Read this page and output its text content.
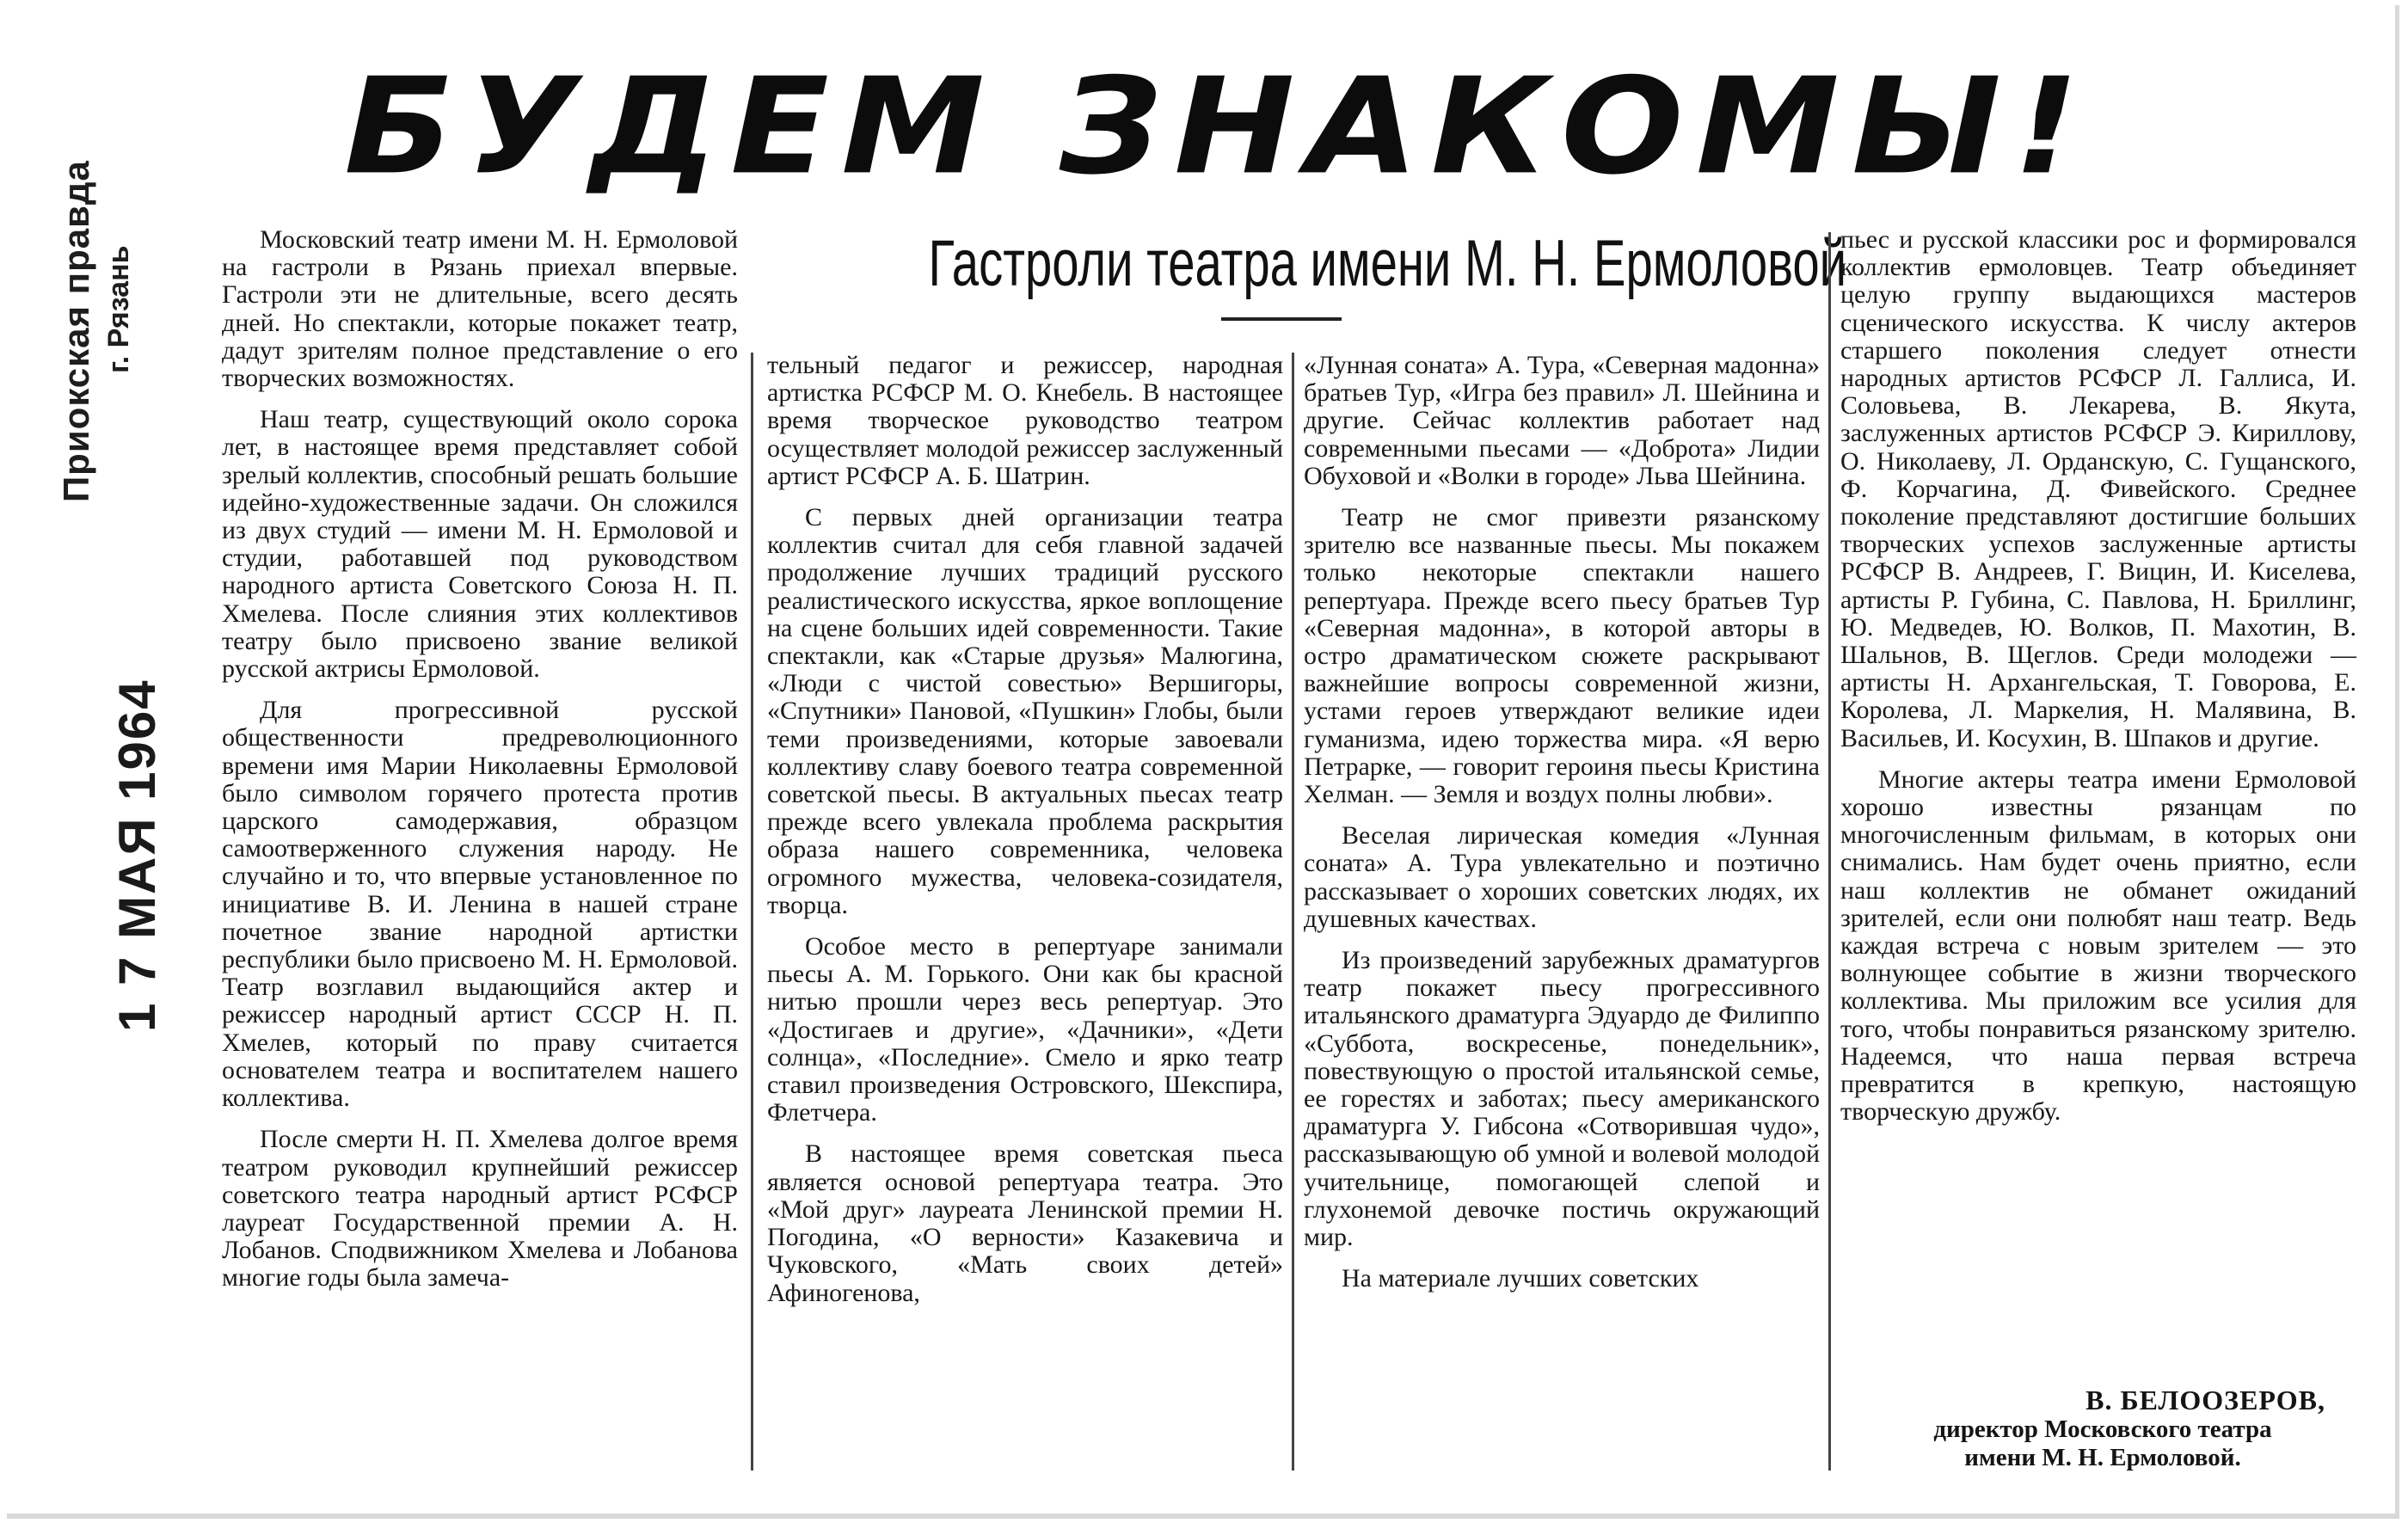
Приокская правда г. Рязань
1 7 МАЯ 1964
БУДЕМ ЗНАКОМЫ!
Гастроли театра имени М. Н. Ермоловой

Московский театр имени М. Н. Ермоловой на гастроли в Рязань приехал впервые. Гастроли эти не длительные, всего десять дней. Но спектакли, которые покажет театр, дадут зрителям полное представление о его творческих возможностях.

Наш театр, существующий около сорока лет, в настоящее время представляет собой зрелый коллектив, способный решать большие идейно-художественные задачи. Он сложился из двух студий — имени М. Н. Ермоловой и студии, работавшей под руководством народного артиста Советского Союза Н. П. Хмелева. После слияния этих коллективов театру было присвоено звание великой русской актрисы Ермоловой.

Для прогрессивной русской общественности предреволюционного времени имя Марии Николаевны Ермоловой было символом горячего протеста против царского самодержавия, образцом самоотверженного служения народу. Не случайно и то, что впервые установленное по инициативе В. И. Ленина в нашей стране почетное звание народной артистки республики было присвоено М. Н. Ермоловой. Театр возглавил выдающийся актер и режиссер народный артист СССР Н. П. Хмелев, который по праву считается основателем театра и воспитателем нашего коллектива.

После смерти Н. П. Хмелева долгое время театром руководил крупнейший режиссер советского театра народный артист РСФСР лауреат Государственной премии А. Н. Лобанов. Сподвижником Хмелева и Лобанова многие годы была замеча-

тельный педагог и режиссер, народная артистка РСФСР М. О. Кнебель. В настоящее время творческое руководство театром осуществляет молодой режиссер заслуженный артист РСФСР А. Б. Шатрин.

С первых дней организации театра коллектив считал для себя главной задачей продолжение лучших традиций русского реалистического искусства, яркое воплощение на сцене больших идей современности. Такие спектакли, как «Старые друзья» Малюгина, «Люди с чистой совестью» Вершигоры, «Спутники» Пановой, «Пушкин» Глобы, были теми произведениями, которые завоевали коллективу славу боевого театра современной советской пьесы. В актуальных пьесах театр прежде всего увлекала проблема раскрытия образа нашего современника, человека огромного мужества, человека-созидателя, творца.

Особое место в репертуаре занимали пьесы А. М. Горького. Они как бы красной нитью прошли через весь репертуар. Это «Достигаев и другие», «Дачники», «Дети солнца», «Последние». Смело и ярко театр ставил произведения Островского, Шекспира, Флетчера.

В настоящее время советская пьеса является основой репертуара театра. Это «Мой друг» лауреата Ленинской премии Н. Погодина, «О верности» Казакевича и Чуковского, «Мать своих детей» Афиногенова,

«Лунная соната» А. Тура, «Северная мадонна» братьев Тур, «Игра без правил» Л. Шейнина и другие. Сейчас коллектив работает над современными пьесами — «Доброта» Лидии Обуховой и «Волки в городе» Льва Шейнина.

Театр не смог привезти рязанскому зрителю все названные пьесы. Мы покажем только некоторые спектакли нашего репертуара. Прежде всего пьесу братьев Тур «Северная мадонна», в которой авторы в остро драматическом сюжете раскрывают важнейшие вопросы современной жизни, устами героев утверждают великие идеи гуманизма, идею торжества мира. «Я верю Петрарке, — говорит героиня пьесы Кристина Хелман. — Земля и воздух полны любви».

Веселая лирическая комедия «Лунная соната» А. Тура увлекательно и поэтично рассказывает о хороших советских людях, их душевных качествах.

Из произведений зарубежных драматургов театр покажет пьесу прогрессивного итальянского драматурга Эдуардо де Филиппо «Суббота, воскресенье, понедельник», повествующую о простой итальянской семье, ее горестях и заботах; пьесу американского драматурга У. Гибсона «Сотворившая чудо», рассказывающую об умной и волевой молодой учительнице, помогающей слепой и глухонемой девочке постичь окружающий мир.

На материале лучших советских

пьес и русской классики рос и формировался коллектив ермоловцев. Театр объединяет целую группу выдающихся мастеров сценического искусства. К числу актеров старшего поколения следует отнести народных артистов РСФСР Л. Галлиса, И. Соловьева, В. Лекарева, В. Якута, заслуженных артистов РСФСР Э. Кириллову, О. Николаеву, Л. Орданскую, С. Гущанского, Ф. Корчагина, Д. Фивейского. Среднее поколение представляют достигшие больших творческих успехов заслуженные артисты РСФСР В. Андреев, Г. Вицин, И. Киселева, артисты Р. Губина, С. Павлова, Н. Бриллинг, Ю. Медведев, Ю. Волков, П. Махотин, В. Шальнов, В. Щеглов. Среди молодежи — артисты Н. Архангельская, Т. Говорова, Е. Королева, Л. Маркелия, Н. Малявина, В. Васильев, И. Косухин, В. Шпаков и другие.

Многие актеры театра имени Ермоловой хорошо известны рязанцам по многочисленным фильмам, в которых они снимались. Нам будет очень приятно, если наш коллектив не обманет ожиданий зрителей, если они полюбят наш театр. Ведь каждая встреча с новым зрителем — это волнующее событие в жизни творческого коллектива. Мы приложим все усилия для того, чтобы понравиться рязанскому зрителю. Надеемся, что наша первая встреча превратится в крепкую, настоящую творческую дружбу.

В. БЕЛООЗЕРОВ,
директор Московского театра
имени М. Н. Ермоловой.
